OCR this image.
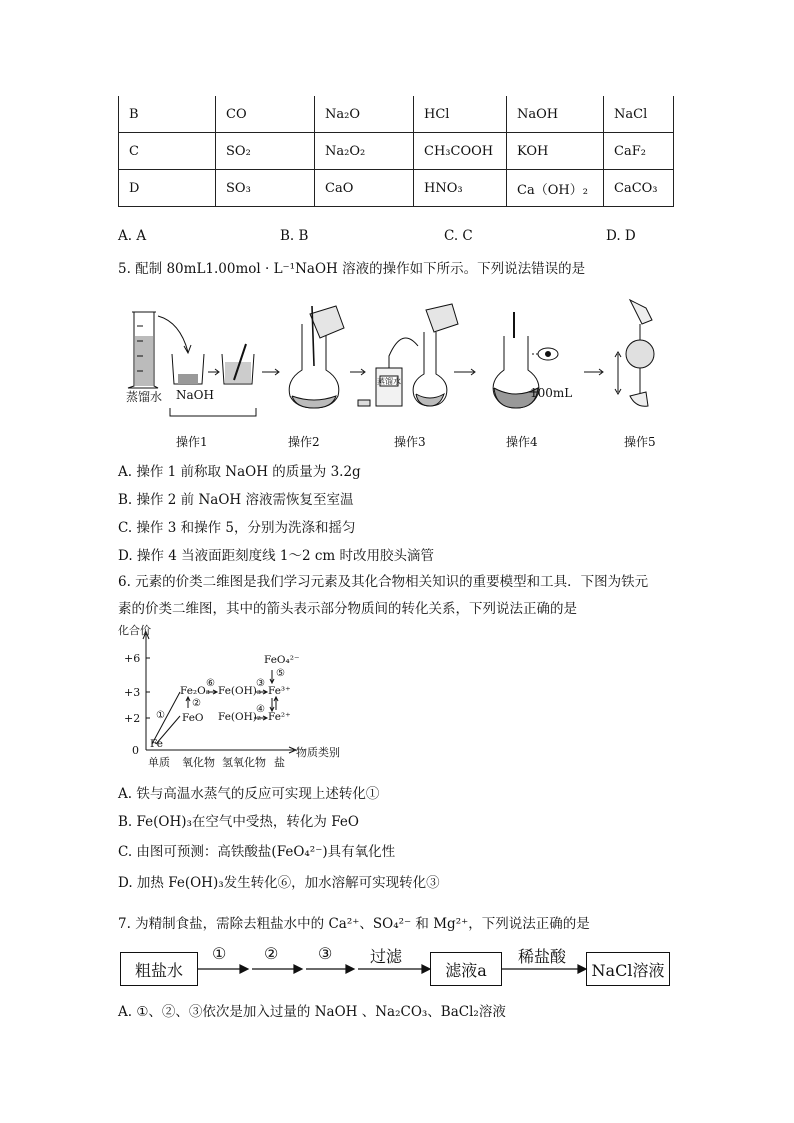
B	CO	Na₂O	HCl	NaOH	NaCl
C	SO₂	Na₂O₂	CH₃COOH	KOH	CaF₂
D	SO₃	CaO	HNO₃	Ca（OH）₂	CaCO₃
A. A	B. B	C. C	D. D
5. 配制 80mL1.00mol · L⁻¹NaOH 溶液的操作如下所示。下列说法错误的是
蒸馏水 NaOH
蒸馏水
100mL
操作1	操作2	操作3	操作4	操作5
A. 操作 1 前称取 NaOH 的质量为 3.2g
B. 操作 2 前 NaOH 溶液需恢复至室温
C. 操作 3 和操作 5，分别为洗涤和摇匀
D. 操作 4 当液面距刻度线 1～2 cm 时改用胶头滴管
6. 元素的价类二维图是我们学习元素及其化合物相关知识的重要模型和工具．下图为铁元
素的价类二维图，其中的箭头表示部分物质间的转化关系，下列说法正确的是
化合价
+6
+3
+2
0 Fe
Fe₂O₃
FeO
Fe(OH)₃
Fe(OH)₂
Fe³⁺
Fe²⁺
FeO₄²⁻
①
②
③
④
⑤
⑥
单质 氧化物 氢氧化物 盐
物质类别
A. 铁与高温水蒸气的反应可实现上述转化①
B. Fe(OH)₃在空气中受热，转化为 FeO
C. 由图可预测：高铁酸盐(FeO₄²⁻)具有氧化性
D. 加热 Fe(OH)₃发生转化⑥，加水溶解可实现转化③
7. 为精制食盐，需除去粗盐水中的 Ca²⁺、SO₄²⁻ 和 Mg²⁺，下列说法正确的是
粗盐水	滤液a	NaCl溶液
① ② ③ 过滤	稀盐酸
A. ①、②、③依次是加入过量的 NaOH 、Na₂CO₃、BaCl₂溶液
